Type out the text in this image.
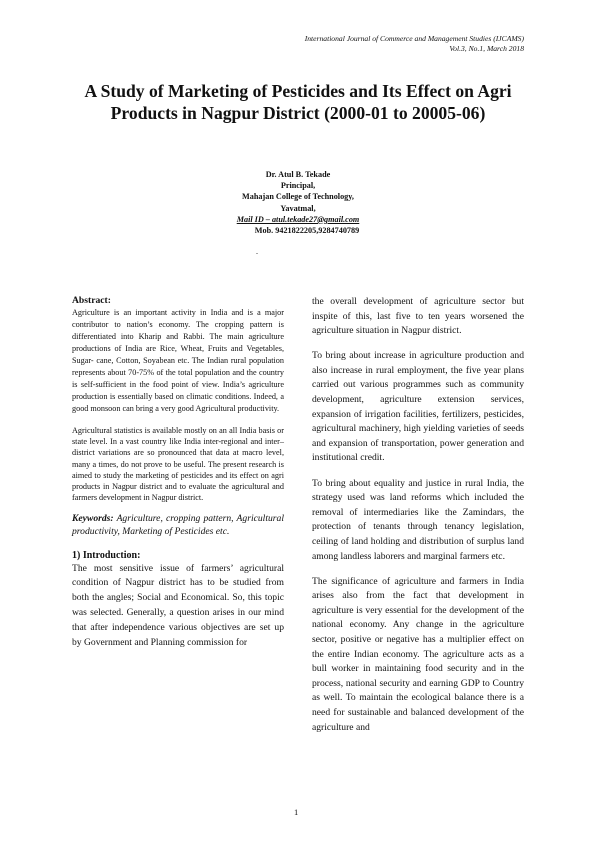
International Journal of Commerce and Management Studies (IJCAMS)
Vol.3, No.1, March 2018
A Study of Marketing of Pesticides and Its Effect on Agri
Products in Nagpur District (2000-01 to 20005-06)
Dr. Atul B. Tekade
Principal,
Mahajan College of Technology,
Yavatmal,
Mail ID – atul.tekade27@gmail.com
Mob. 9421822205,9284740789
.
Abstract:

Agriculture is an important activity in India and is a major contributor to nation’s economy. The cropping pattern is differentiated into Kharip and Rabbi. The main agriculture productions of India are Rice, Wheat, Fruits and Vegetables, Sugar- cane, Cotton, Soyabean etc. The Indian rural population represents about 70-75% of the total population and the country is self-sufficient in the food point of view. India’s agriculture production is essentially based on climatic conditions. Indeed, a good monsoon can bring a very good Agricultural productivity.

Agricultural statistics is available mostly on an all India basis or state level. In a vast country like India inter-regional and inter–district variations are so pronounced that data at macro level, many a times, do not prove to be useful. The present research is aimed to study the marketing of pesticides and its effect on agri products in Nagpur district and to evaluate the agricultural and farmers development in Nagpur district.

Keywords: Agriculture, cropping pattern, Agricultural productivity, Marketing of Pesticides etc.

1) Introduction:

The most sensitive issue of farmers’ agricultural condition of Nagpur district has to be studied from both the angles; Social and Economical. So, this topic was selected. Generally, a question arises in our mind that after independence various objectives are set up by Government and Planning commission for

the overall development of agriculture sector but inspite of this, last five to ten years worsened the agriculture situation in Nagpur district.

To bring about increase in agriculture production and also increase in rural employment, the five year plans carried out various programmes such as community development, agriculture extension services, expansion of irrigation facilities, fertilizers, pesticides, agricultural machinery, high yielding varieties of seeds and expansion of transportation, power generation and institutional credit.

To bring about equality and justice in rural India, the strategy used was land reforms which included the removal of intermediaries like the Zamindars, the protection of tenants through tenancy legislation, ceiling of land holding and distribution of surplus land among landless laborers and marginal farmers etc.

The significance of agriculture and farmers in India arises also from the fact that development in agriculture is very essential for the development of the national economy. Any change in the agriculture sector, positive or negative has a multiplier effect on the entire Indian economy. The agriculture acts as a bull worker in maintaining food security and in the process, national security and earning GDP to Country as well. To maintain the ecological balance there is a need for sustainable and balanced development of the agriculture and

1
